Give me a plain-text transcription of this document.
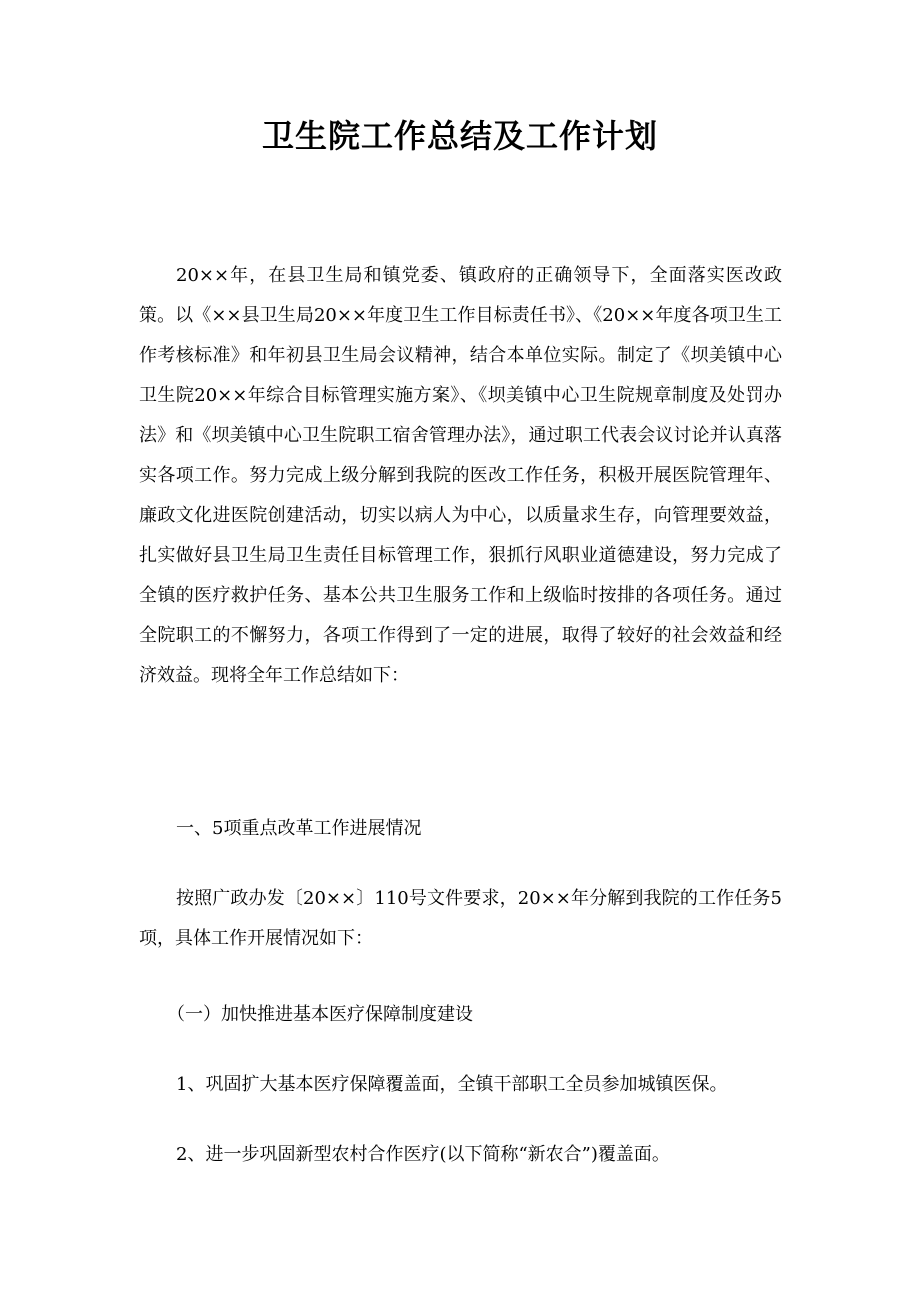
卫生院工作总结及工作计划

20××年，在县卫生局和镇党委、镇政府的正确领导下，全面落实医改政策。以《××县卫生局20××年度卫生工作目标责任书》、《20××年度各项卫生工作考核标准》和年初县卫生局会议精神，结合本单位实际。制定了《坝美镇中心卫生院20××年综合目标管理实施方案》、《坝美镇中心卫生院规章制度及处罚办法》和《坝美镇中心卫生院职工宿舍管理办法》，通过职工代表会议讨论并认真落实各项工作。努力完成上级分解到我院的医改工作任务，积极开展医院管理年、廉政文化进医院创建活动，切实以病人为中心，以质量求生存，向管理要效益，扎实做好县卫生局卫生责任目标管理工作，狠抓行风职业道德建设，努力完成了全镇的医疗救护任务、基本公共卫生服务工作和上级临时按排的各项任务。通过全院职工的不懈努力，各项工作得到了一定的进展，取得了较好的社会效益和经济效益。现将全年工作总结如下：

一、5项重点改革工作进展情况

按照广政办发〔20××〕110号文件要求，20××年分解到我院的工作任务5项，具体工作开展情况如下：

（一）加快推进基本医疗保障制度建设

1、巩固扩大基本医疗保障覆盖面，全镇干部职工全员参加城镇医保。

2、进一步巩固新型农村合作医疗(以下简称“新农合”)覆盖面。
